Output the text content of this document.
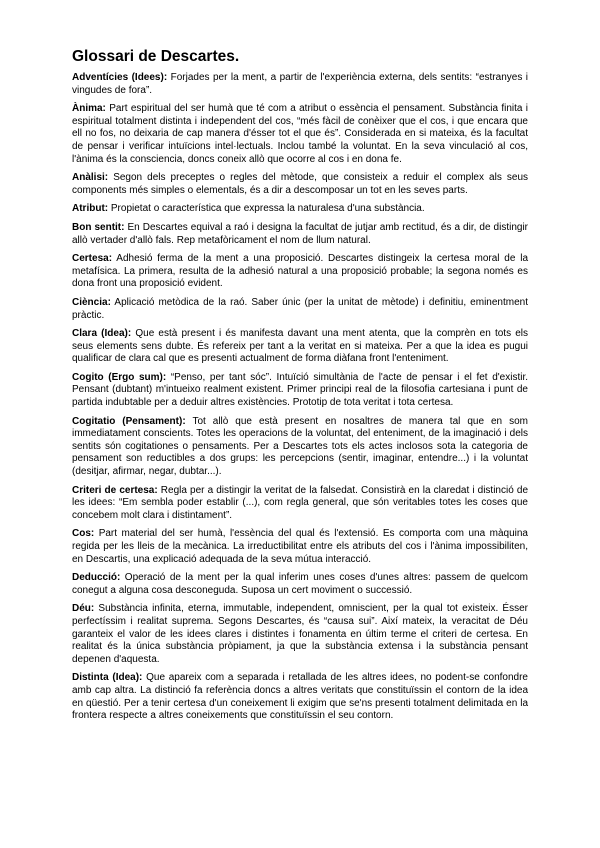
Glossari de Descartes.

Adventícies (Idees): Forjades per la ment, a partir de l'experiència externa, dels sentits: “estranyes i vingudes de fora”.

Ànima: Part espiritual del ser humà que té com a atribut o essència el pensament. Substància finita i espiritual totalment distinta i independent del cos, “més fàcil de conèixer que el cos, i que encara que ell no fos, no deixaria de cap manera d'ésser tot el que és”. Considerada en si mateixa, és la facultat de pensar i verificar intuïcions intel·lectuals. Inclou també la voluntat. En la seva vinculació al cos, l'ànima és la consciencia, doncs coneix allò que ocorre al cos i en dona fe.

Anàlisi: Segon dels preceptes o regles del mètode, que consisteix a reduir el complex als seus components més simples o elementals, és a dir a descomposar un tot en les seves parts.

Atribut: Propietat o característica que expressa la naturalesa d'una substància.

Bon sentit: En Descartes equival a raó i designa la facultat de jutjar amb rectitud, és a dir, de distingir allò vertader d'allò fals. Rep metafòricament el nom de llum natural.

Certesa: Adhesió ferma de la ment a una proposició. Descartes distingeix la certesa moral de la metafísica. La primera, resulta de la adhesió natural a una proposició probable; la segona només es dona front una proposició evident.

Ciència: Aplicació metòdica de la raó. Saber únic (per la unitat de mètode) i definitiu, eminentment pràctic.

Clara (Idea): Que està present i és manifesta davant una ment atenta, que la comprèn en tots els seus elements sens dubte. És refereix per tant a la veritat en si mateixa. Per a que la idea es pugui qualificar de clara cal que es presenti actualment de forma diàfana front l'enteniment.

Cogito (Ergo sum): “Penso, per tant sóc”. Intuïció simultània de l'acte de pensar i el fet d'existir. Pensant (dubtant) m'intueixo realment existent. Primer principi real de la filosofia cartesiana i punt de partida indubtable per a deduir altres existències. Prototip de tota veritat i tota certesa.

Cogitatio (Pensament): Tot allò que està present en nosaltres de manera tal que en som immediatament conscients. Totes les operacions de la voluntat, del enteniment, de la imaginació i dels sentits són cogitationes o pensaments. Per a Descartes tots els actes inclosos sota la categoria de pensament son reductibles a dos grups: les percepcions (sentir, imaginar, entendre...) i la voluntat (desitjar, afirmar, negar, dubtar...).

Criteri de certesa: Regla per a distingir la veritat de la falsedat. Consistirà en la claredat i distinció de les idees: “Em sembla poder establir (...), com regla general, que són veritables totes les coses que concebem molt clara i distintament”.

Cos: Part material del ser humà, l'essència del qual és l'extensió. Es comporta com una màquina regida per les lleis de la mecànica. La irreductibilitat entre els atributs del cos i l'ànima impossibiliten, en Descartis, una explicació adequada de la seva mútua interacció.

Deducció: Operació de la ment per la qual inferim unes coses d'unes altres: passem de quelcom conegut a alguna cosa desconeguda. Suposa un cert moviment o successió.

Déu: Substància infinita, eterna, immutable, independent, omniscient, per la qual tot existeix. Ésser perfectíssim i realitat suprema. Segons Descartes, és “causa sui”. Així mateix, la veracitat de Déu garanteix el valor de les idees clares i distintes i fonamenta en últim terme el criteri de certesa. En realitat és la única substància pròpiament, ja que la substància extensa i la substància pensant depenen d'aquesta.

Distinta (Idea): Que apareix com a separada i retallada de les altres idees, no podent-se confondre amb cap altra. La distinció fa referència doncs a altres veritats que constituïssin el contorn de la idea en qüestió. Per a tenir certesa d'un coneixement li exigim que se'ns presenti totalment delimitada en la frontera respecte a altres coneixements que constituïssin el seu contorn.
